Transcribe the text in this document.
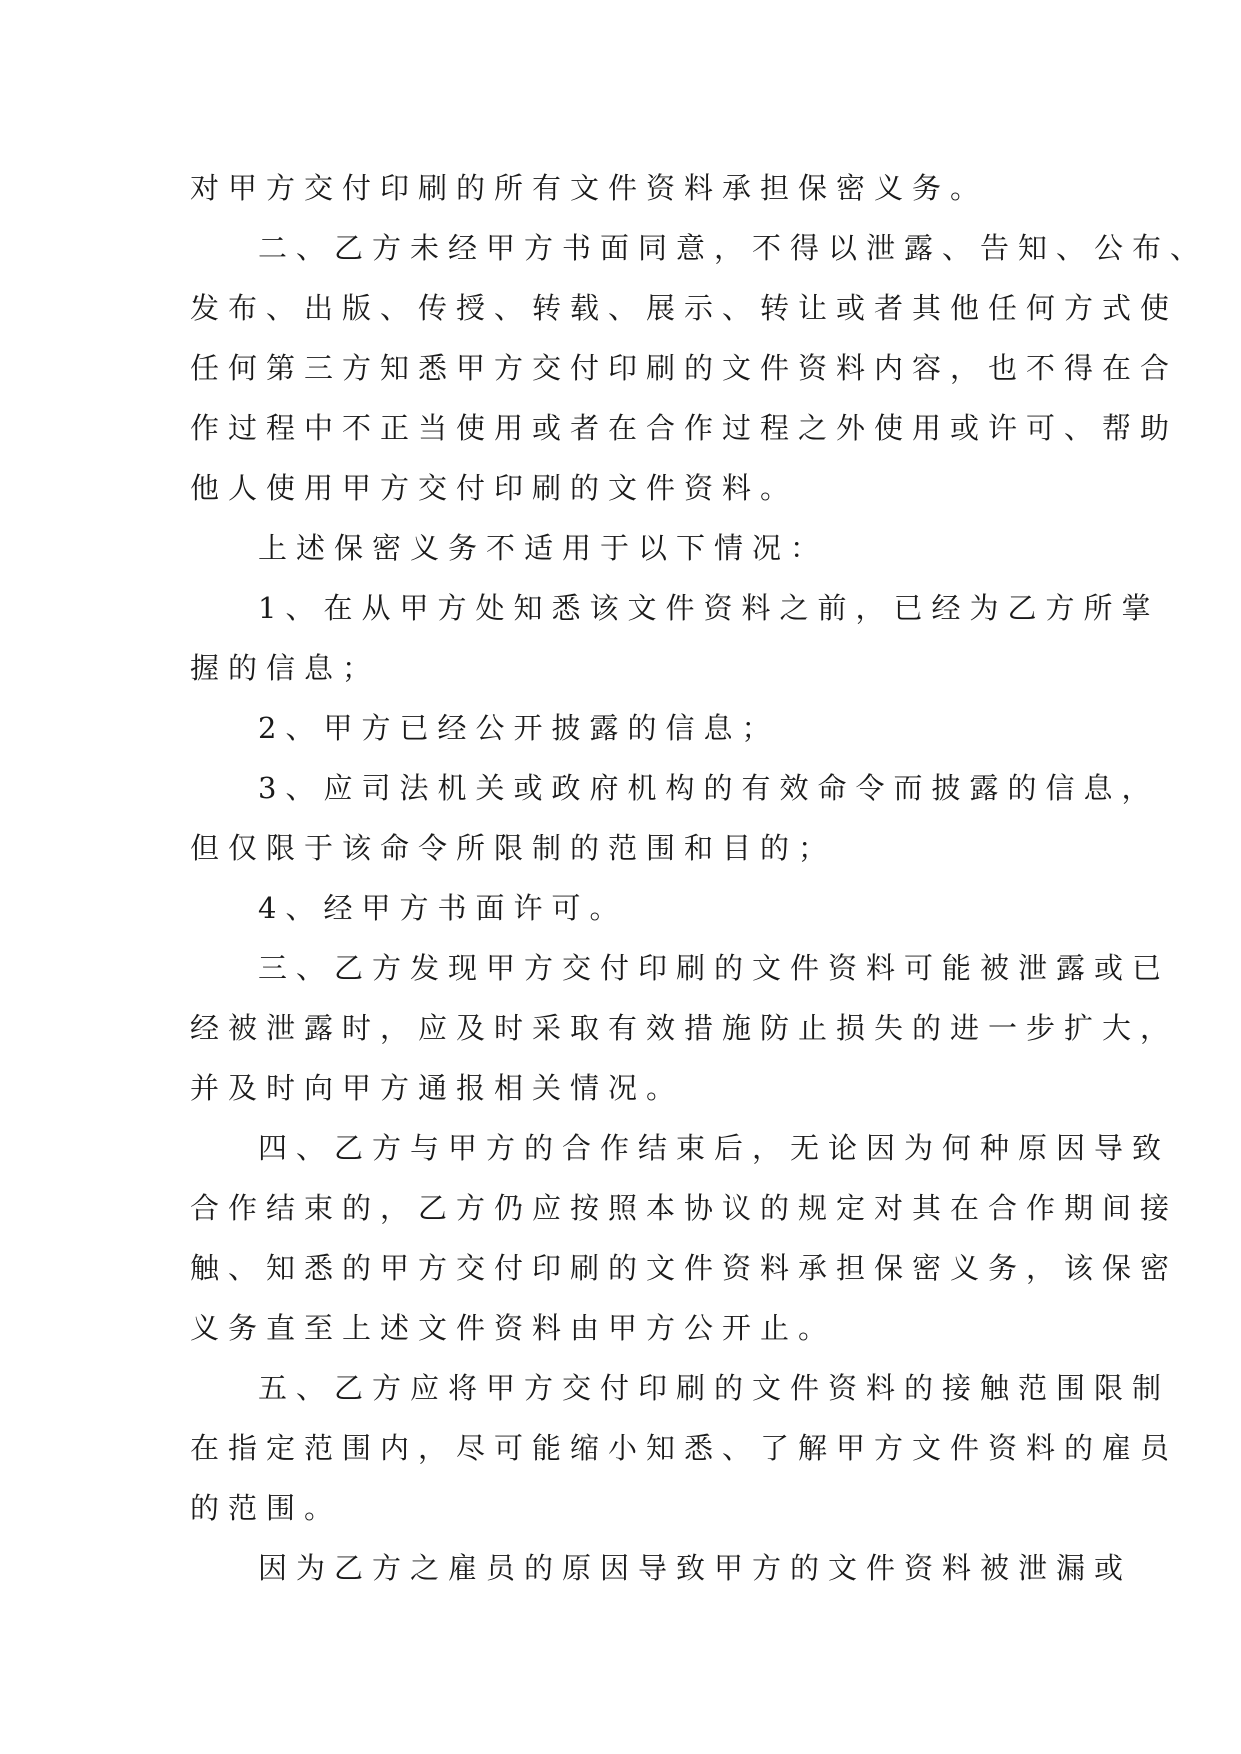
对甲方交付印刷的所有文件资料承担保密义务。
二、乙方未经甲方书面同意，不得以泄露、告知、公布、
发布、出版、传授、转载、展示、转让或者其他任何方式使
任何第三方知悉甲方交付印刷的文件资料内容，也不得在合
作过程中不正当使用或者在合作过程之外使用或许可、帮助
他人使用甲方交付印刷的文件资料。
上述保密义务不适用于以下情况：
1、在从甲方处知悉该文件资料之前，已经为乙方所掌
握的信息；
2、甲方已经公开披露的信息；
3、应司法机关或政府机构的有效命令而披露的信息，
但仅限于该命令所限制的范围和目的；
4、经甲方书面许可。
三、乙方发现甲方交付印刷的文件资料可能被泄露或已
经被泄露时，应及时采取有效措施防止损失的进一步扩大，
并及时向甲方通报相关情况。
四、乙方与甲方的合作结束后，无论因为何种原因导致
合作结束的，乙方仍应按照本协议的规定对其在合作期间接
触、知悉的甲方交付印刷的文件资料承担保密义务，该保密
义务直至上述文件资料由甲方公开止。
五、乙方应将甲方交付印刷的文件资料的接触范围限制
在指定范围内，尽可能缩小知悉、了解甲方文件资料的雇员
的范围。
因为乙方之雇员的原因导致甲方的文件资料被泄漏或
